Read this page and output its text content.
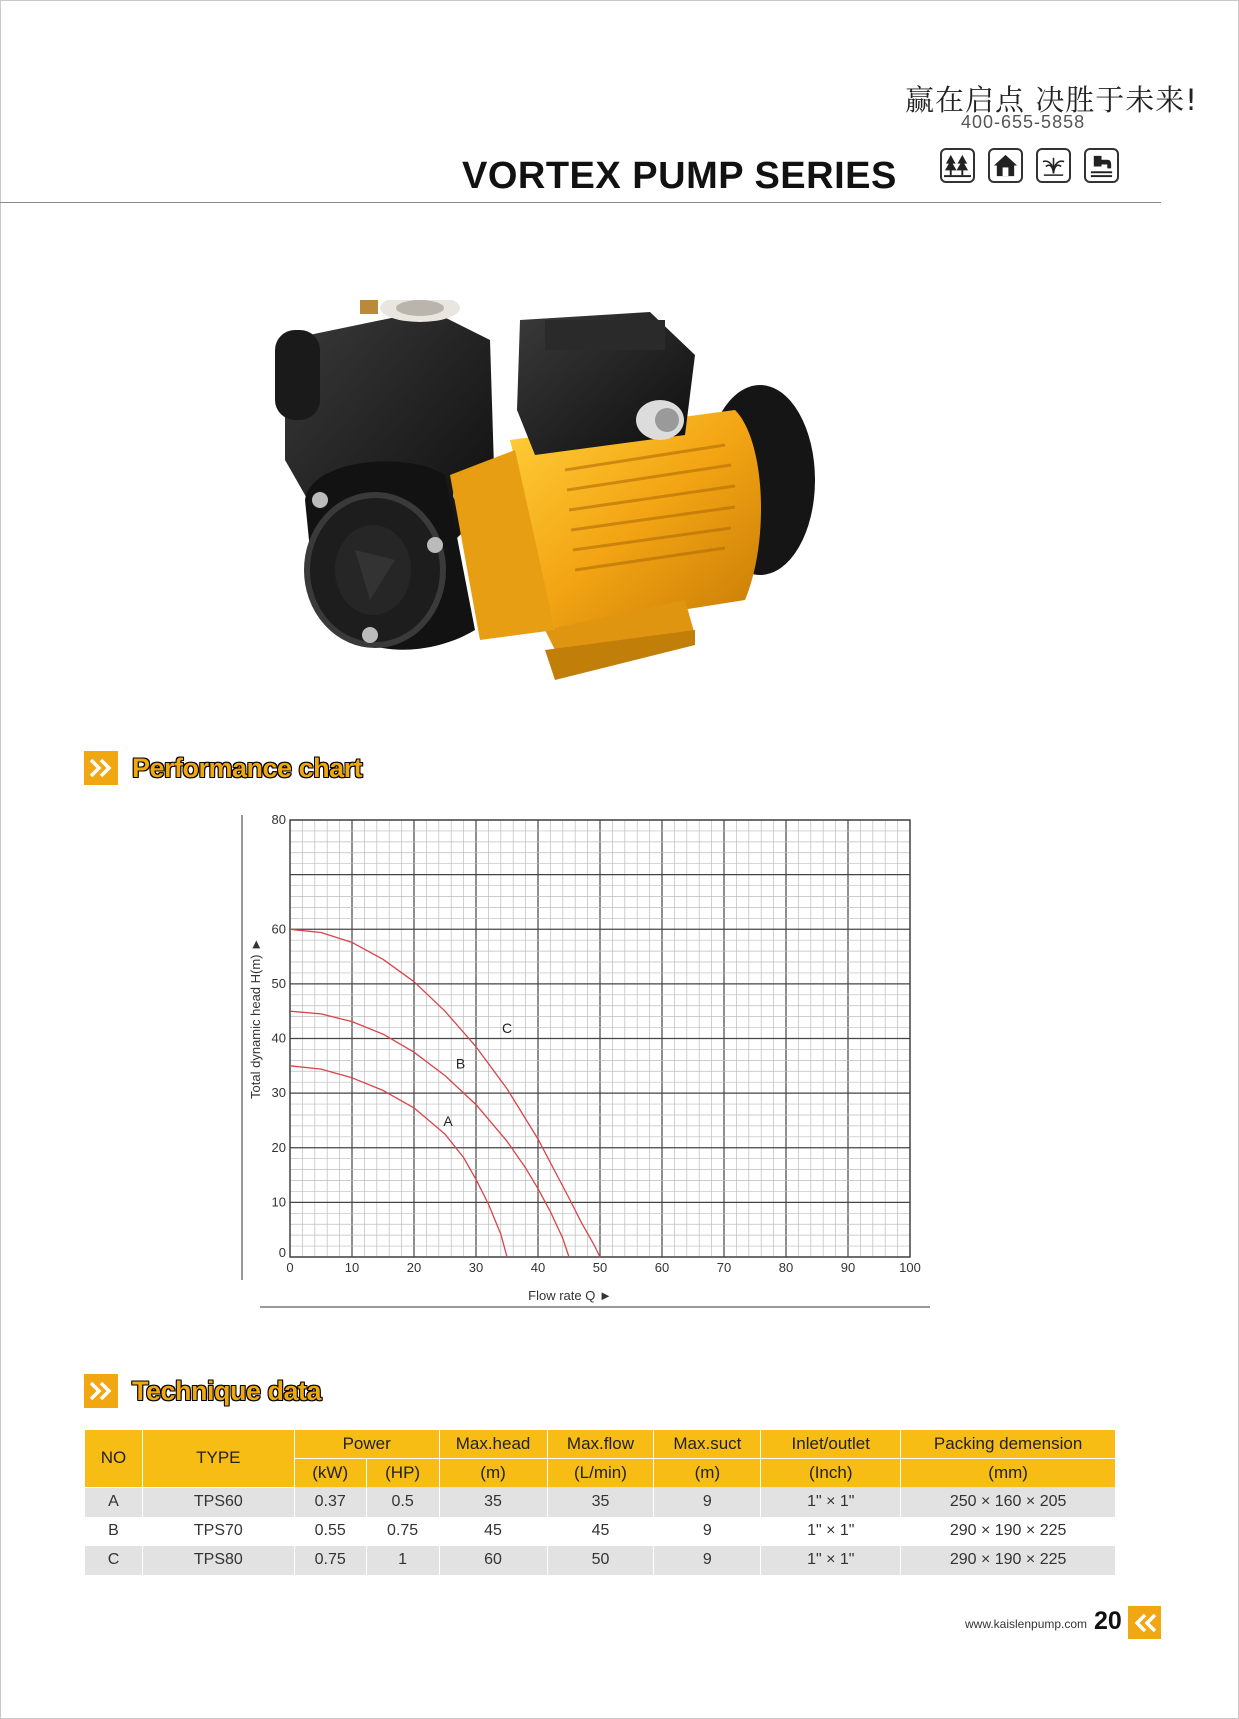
赢在启点 决胜于未来!
400-655-5858
VORTEX PUMP SERIES
Performance chart
0	10	20	30	40	50	60	70	80	90	100
0
10
20
30
40
50
60
80
Flow rate Q ►
Total dynamic head H(m) ►
A
B
C
Technique data
NO	TYPE	Power		Max.head	Max.flow	Max.suct	Inlet/outlet	Packing demension
		(kW)	(HP)	(m)	(L/min)	(m)	(Inch)	(mm)
A	TPS60	0.37	0.5	35	35	9	1" × 1"	250 × 160 × 205
B	TPS70	0.55	0.75	45	45	9	1" × 1"	290 × 190 × 225
C	TPS80	0.75	1	60	50	9	1" × 1"	290 × 190 × 225
www.kaislenpump.com 20
